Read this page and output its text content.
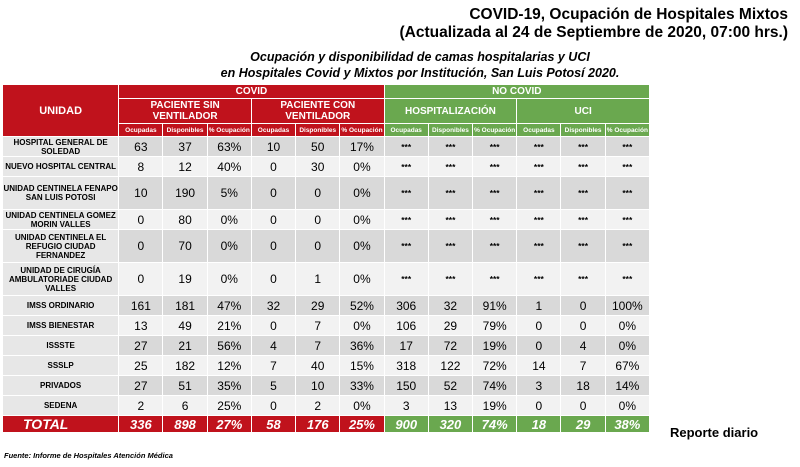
COVID-19, Ocupación de Hospitales Mixtos
(Actualizada al 24 de Septiembre de 2020, 07:00 hrs.)
Ocupación y disponibilidad de camas hospitalarias y UCI
en Hospitales Covid y Mixtos por Institución, San Luis Potosí 2020.
UNIDAD	COVID						NO COVID					
	PACIENTE SIN VENTILADOR			PACIENTE CON VENTILADOR			HOSPITALIZACIÓN			UCI		
	Ocupadas	Disponibles	% Ocupación	Ocupadas	Disponibles	% Ocupación	Ocupadas	Disponibles	% Ocupación	Ocupadas	Disponibles	% Ocupación
HOSPITAL GENERAL DE SOLEDAD	63	37	63%	10	50	17%	***	***	***	***	***	***
NUEVO HOSPITAL CENTRAL	8	12	40%	0	30	0%	***	***	***	***	***	***
UNIDAD CENTINELA FENAPO SAN LUIS POTOSI	10	190	5%	0	0	0%	***	***	***	***	***	***
UNIDAD CENTINELA GOMEZ MORIN VALLES	0	80	0%	0	0	0%	***	***	***	***	***	***
UNIDAD CENTINELA EL REFUGIO CIUDAD FERNANDEZ	0	70	0%	0	0	0%	***	***	***	***	***	***
UNIDAD DE CIRUGÍA AMBULATORIADE CIUDAD VALLES	0	19	0%	0	1	0%	***	***	***	***	***	***
IMSS ORDINARIO	161	181	47%	32	29	52%	306	32	91%	1	0	100%
IMSS BIENESTAR	13	49	21%	0	7	0%	106	29	79%	0	0	0%
ISSSTE	27	21	56%	4	7	36%	17	72	19%	0	4	0%
SSSLP	25	182	12%	7	40	15%	318	122	72%	14	7	67%
PRIVADOS	27	51	35%	5	10	33%	150	52	74%	3	18	14%
SEDENA	2	6	25%	0	2	0%	3	13	19%	0	0	0%
TOTAL	336	898	27%	58	176	25%	900	320	74%	18	29	38%
Fuente: Informe de Hospitales Atención Médica
Reporte diario
